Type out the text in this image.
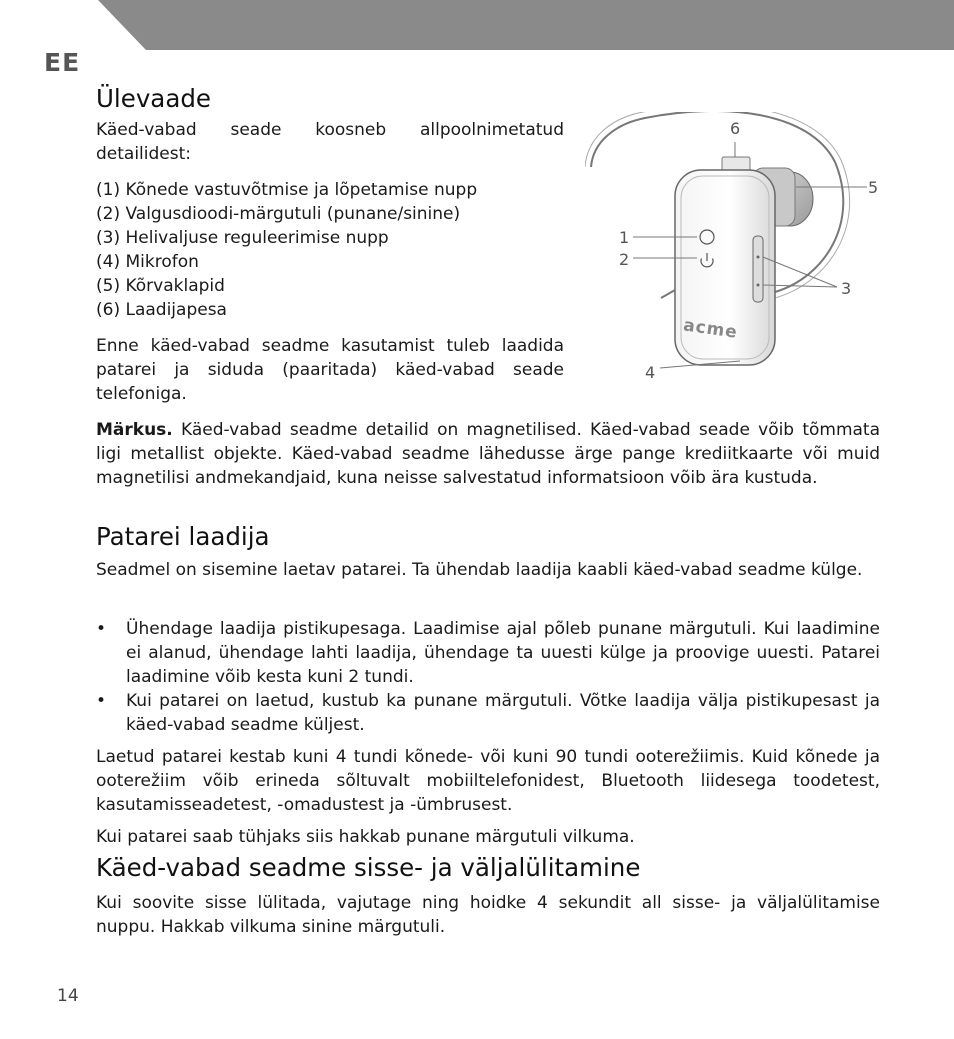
EE
Ülevaade

Käed-vabad seade koosneb allpoolnimetatud detailidest:

(1) Kõnede vastuvõtmise ja lõpetamise nupp
(2) Valgusdioodi-märgutuli (punane/sinine)
(3) Helivaljuse reguleerimise nupp
(4) Mikrofon
(5) Kõrvaklapid
(6) Laadijapesa

Enne käed-vabad seadme kasutamist tuleb laadida patarei ja siduda (paaritada) käed-vabad seade telefoniga.

Märkus. Käed-vabad seadme detailid on magnetilised. Käed-vabad seade võib tõmmata ligi metallist objekte. Käed-vabad seadme lähedusse ärge pange krediitkaarte või muid magnetilisi andmekandjaid, kuna neisse salvestatud informatsioon võib ära kustuda.

acme
1
2
3
4
5
6
Patarei laadija

Seadmel on sisemine laetav patarei. Ta ühendab laadija kaabli käed-vabad seadme külge.

• Ühendage laadija pistikupesaga. Laadimise ajal põleb punane märgutuli. Kui laadimine ei alanud, ühendage lahti laadija, ühendage ta uuesti külge ja proovige uuesti. Patarei laadimine võib kesta kuni 2 tundi.
• Kui patarei on laetud, kustub ka punane märgutuli. Võtke laadija välja pistikupesast ja käed-vabad seadme küljest.

Laetud patarei kestab kuni 4 tundi kõnede- või kuni 90 tundi ooterežiimis. Kuid kõnede ja ooterežiim võib erineda sõltuvalt mobiiltelefonidest, Bluetooth liidesega toodetest, kasutamisseadetest, -omadustest ja -ümbrusest.

Kui patarei saab tühjaks siis hakkab punane märgutuli vilkuma.

Käed-vabad seadme sisse- ja väljalülitamine

Kui soovite sisse lülitada, vajutage ning hoidke 4 sekundit all sisse- ja väljalülitamise nuppu. Hakkab vilkuma sinine märgutuli.

14
